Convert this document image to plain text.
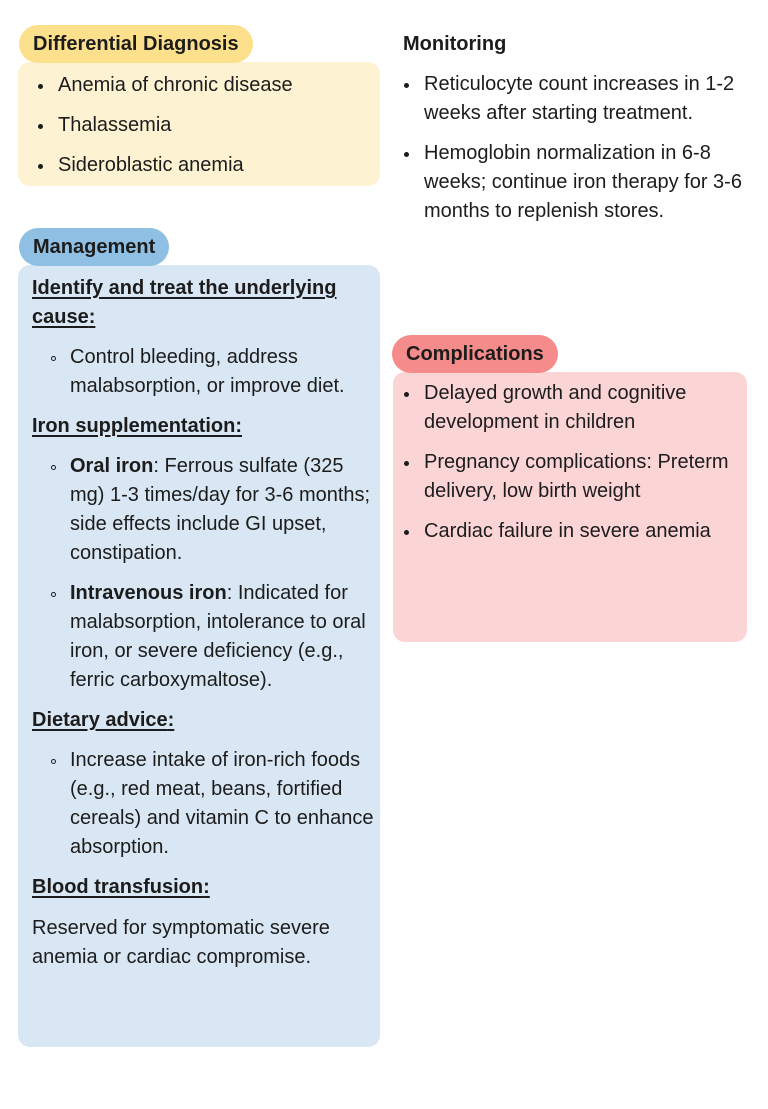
Anemia of chronic disease
Thalassemia
Sideroblastic anemia
Differential Diagnosis
Identify and treat the underlying cause:
Control bleeding, address malabsorption, or improve diet.
Iron supplementation:
Oral iron: Ferrous sulfate (325 mg) 1-3 times/day for 3-6 months; side effects include GI upset, constipation.
Intravenous iron: Indicated for malabsorption, intolerance to oral iron, or severe deficiency (e.g., ferric carboxymaltose).
Dietary advice:
Increase intake of iron-rich foods (e.g., red meat, beans, fortified cereals) and vitamin C to enhance absorption.
Blood transfusion:
Reserved for symptomatic severe anemia or cardiac compromise.
Management
Monitoring
Reticulocyte count increases in 1-2 weeks after starting treatment.
Hemoglobin normalization in 6-8 weeks; continue iron therapy for 3-6 months to replenish stores.
Delayed growth and cognitive development in children
Pregnancy complications: Preterm delivery, low birth weight
Cardiac failure in severe anemia
Complications
